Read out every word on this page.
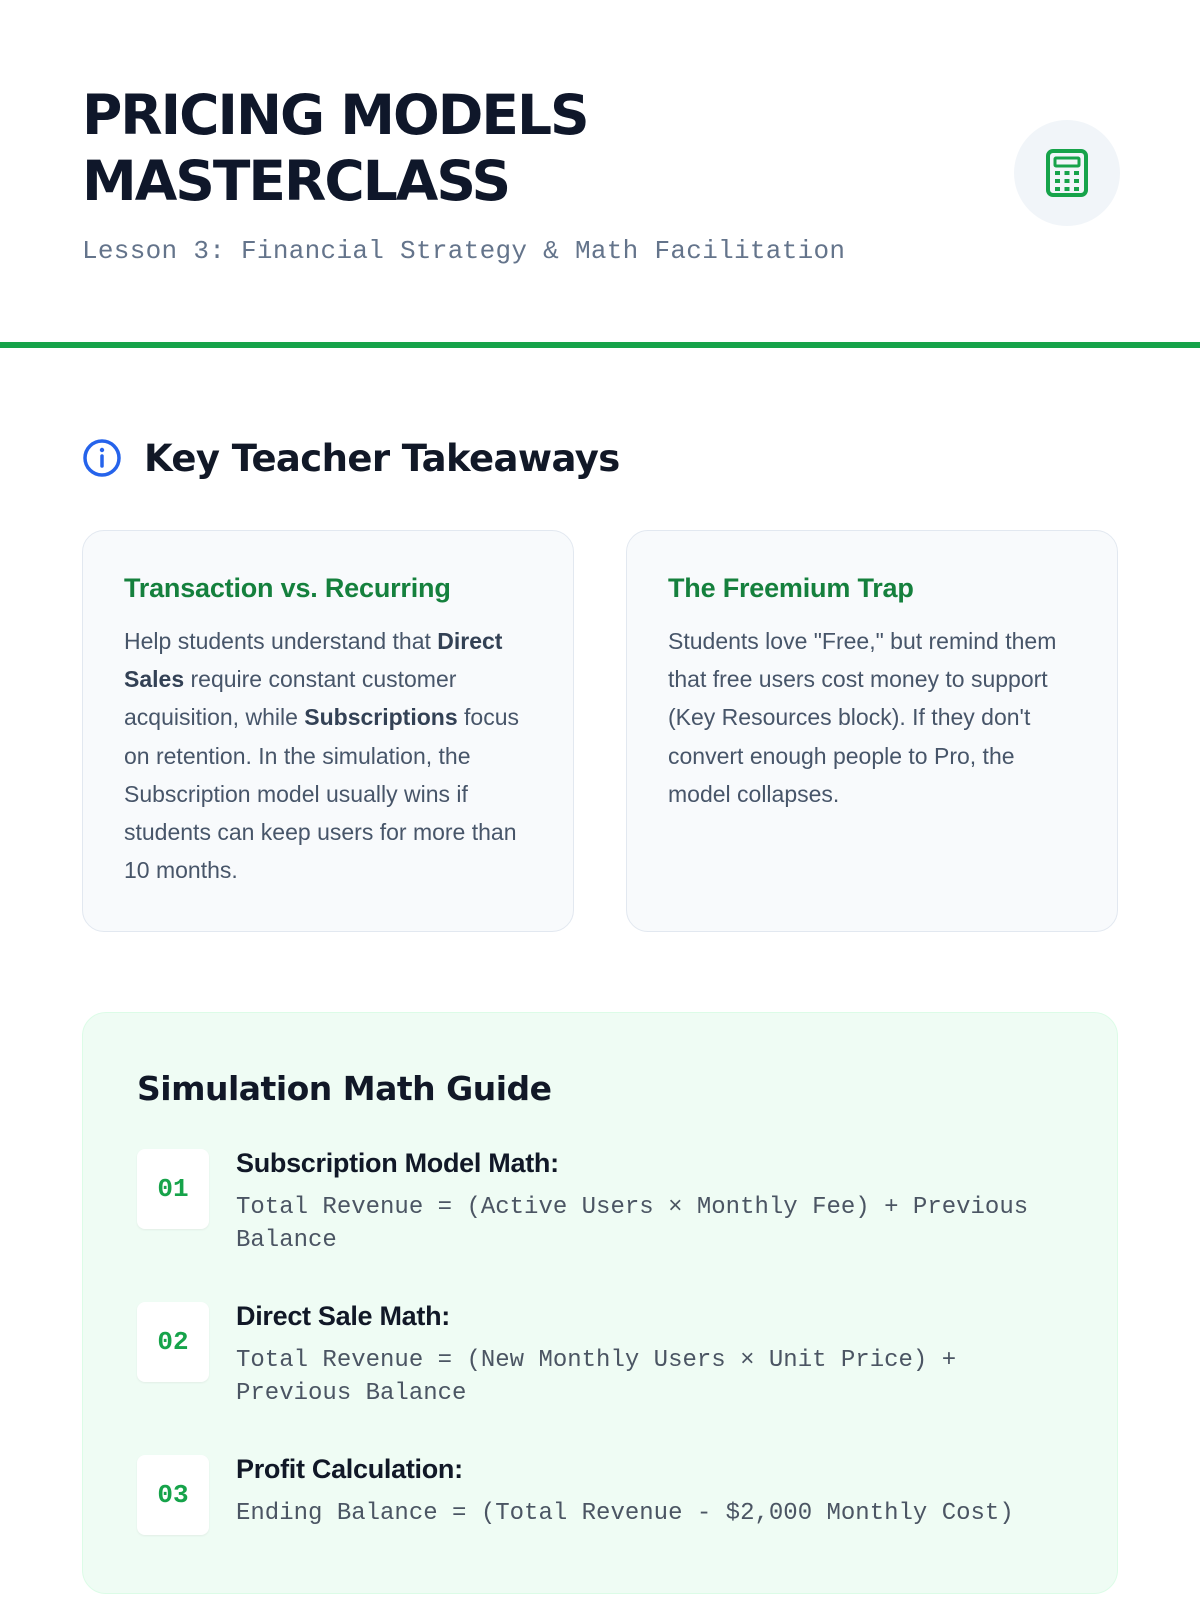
PRICING MODELS
MASTERCLASS
Lesson 3: Financial Strategy & Math Facilitation
Key Teacher Takeaways
Transaction vs. Recurring

Help students understand that Direct Sales require constant customer acquisition, while Subscriptions focus on retention. In the simulation, the Subscription model usually wins if students can keep users for more than 10 months.

The Freemium Trap

Students love "Free," but remind them that free users cost money to support (Key Resources block). If they don't convert enough people to Pro, the model collapses.

Simulation Math Guide
01
Subscription Model Math:
Total Revenue = (Active Users × Monthly Fee) + Previous Balance
02
Direct Sale Math:
Total Revenue = (New Monthly Users × Unit Price) + Previous Balance
03
Profit Calculation:
Ending Balance = (Total Revenue - $2,000 Monthly Cost)
